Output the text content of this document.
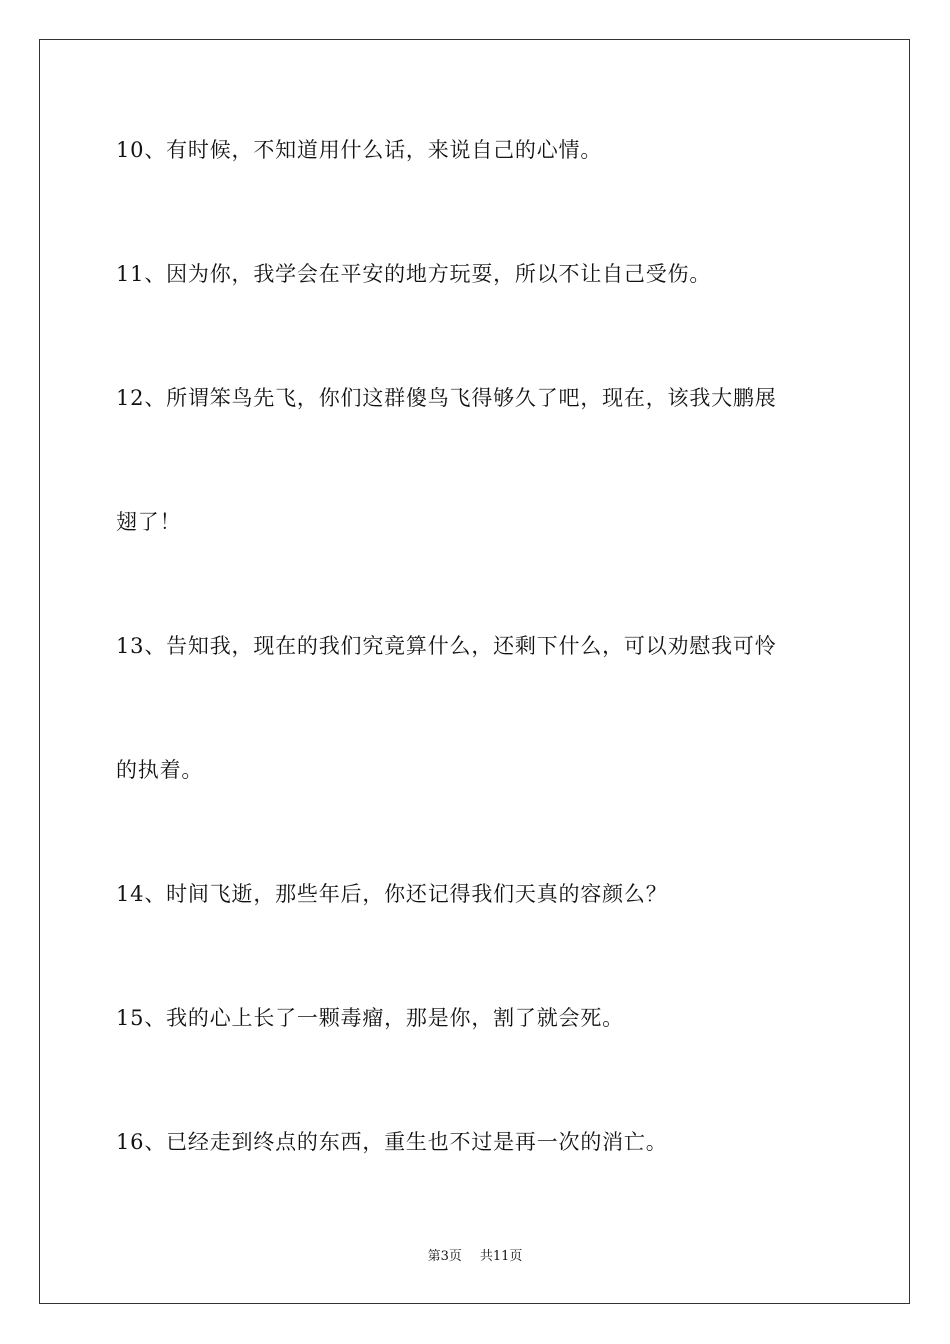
10、有时候，不知道用什么话，来说自己的心情。
11、因为你，我学会在平安的地方玩耍，所以不让自己受伤。
12、所谓笨鸟先飞，你们这群傻鸟飞得够久了吧，现在，该我大鹏展
翅了！
13、告知我，现在的我们究竟算什么，还剩下什么，可以劝慰我可怜
的执着。
14、时间飞逝，那些年后，你还记得我们天真的容颜么？
15、我的心上长了一颗毒瘤，那是你，割了就会死。
16、已经走到终点的东西，重生也不过是再一次的消亡。
第3页 共11页
